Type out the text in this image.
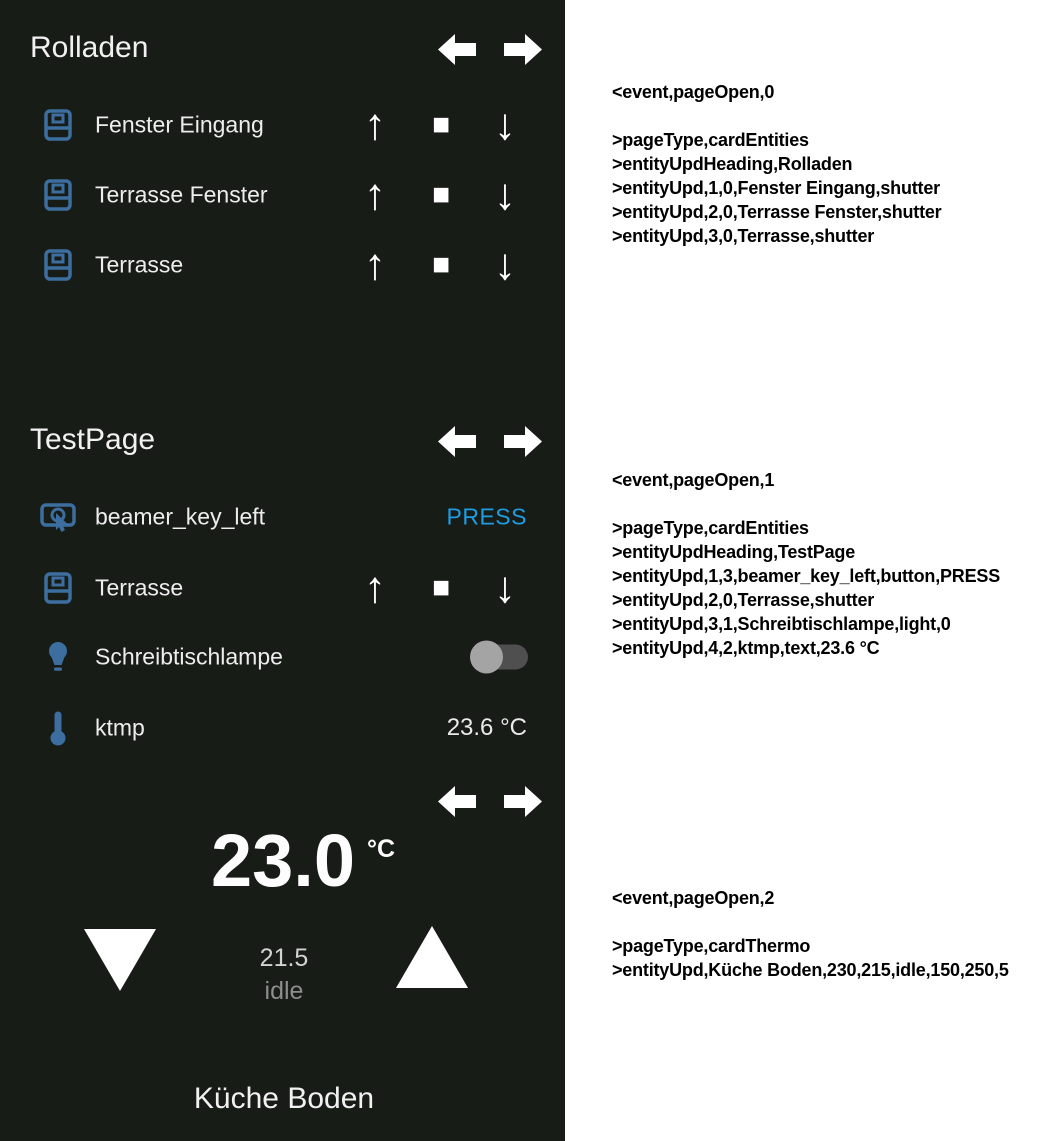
Rolladen
Fenster Eingang	↑	■ ↓
Terrasse Fenster	↑	■ ↓
Terrasse	↑	■ ↓
TestPage
beamer_key_left	PRESS
Terrasse	↑	■ ↓
Schreibtischlampe
ktmp	23.6 °C
23.0 °C
21.5
idle
Küche Boden
<event,pageOpen,0
>pageType,cardEntities
>entityUpdHeading,Rolladen
>entityUpd,1,0,Fenster Eingang,shutter
>entityUpd,2,0,Terrasse Fenster,shutter
>entityUpd,3,0,Terrasse,shutter
<event,pageOpen,1
>pageType,cardEntities
>entityUpdHeading,TestPage
>entityUpd,1,3,beamer_key_left,button,PRESS
>entityUpd,2,0,Terrasse,shutter
>entityUpd,3,1,Schreibtischlampe,light,0
>entityUpd,4,2,ktmp,text,23.6 °C
<event,pageOpen,2
>pageType,cardThermo
>entityUpd,Küche Boden,230,215,idle,150,250,5
